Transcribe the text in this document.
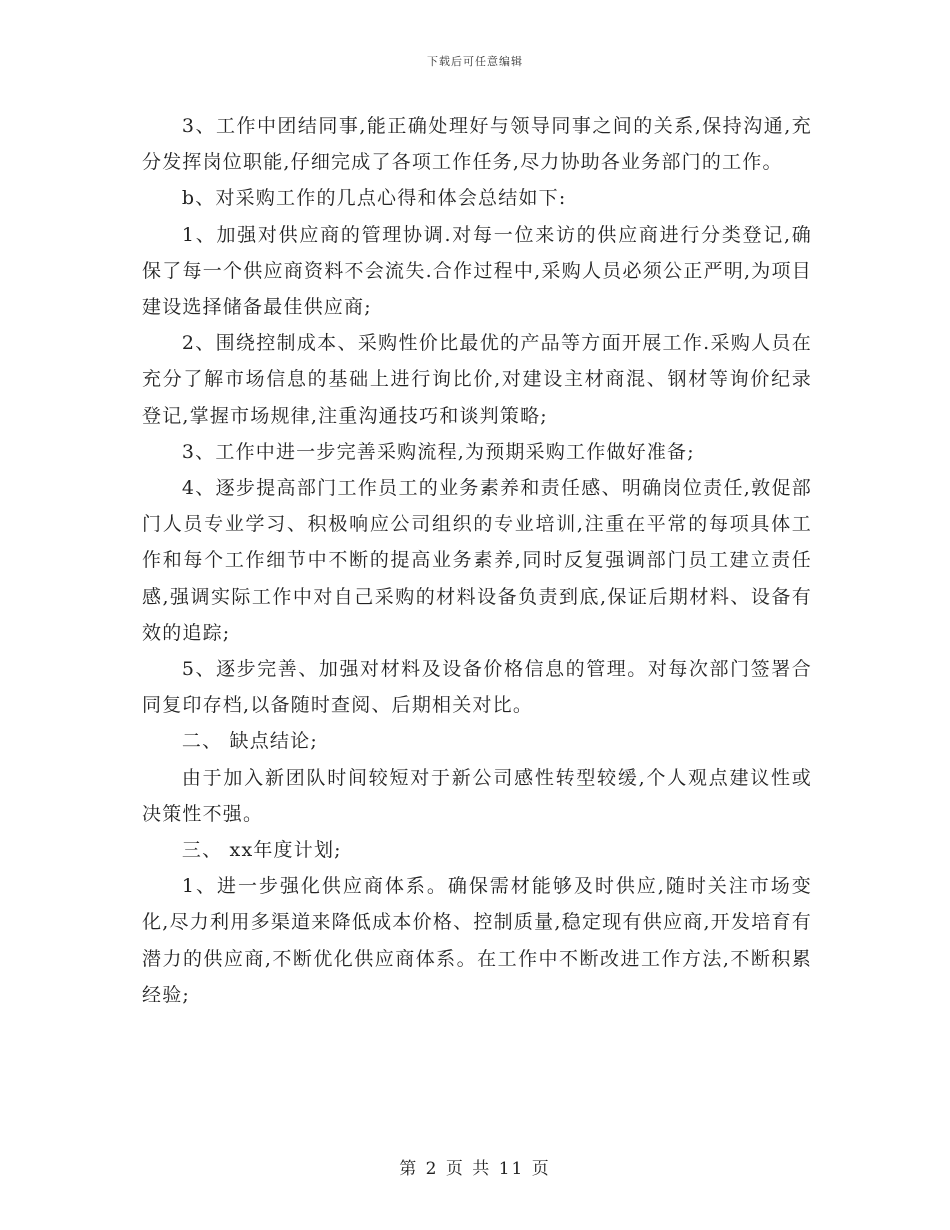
下载后可任意编辑

3、工作中团结同事,能正确处理好与领导同事之间的关系,保持沟通,充分发挥岗位职能,仔细完成了各项工作任务,尽力协助各业务部门的工作。

b、对采购工作的几点心得和体会总结如下:

1、加强对供应商的管理协调.对每一位来访的供应商进行分类登记,确保了每一个供应商资料不会流失.合作过程中,采购人员必须公正严明,为项目建设选择储备最佳供应商;

2、围绕控制成本、采购性价比最优的产品等方面开展工作.采购人员在充分了解市场信息的基础上进行询比价,对建设主材商混、钢材等询价纪录登记,掌握市场规律,注重沟通技巧和谈判策略;

3、工作中进一步完善采购流程,为预期采购工作做好准备;

4、逐步提高部门工作员工的业务素养和责任感、明确岗位责任,敦促部门人员专业学习、积极响应公司组织的专业培训,注重在平常的每项具体工作和每个工作细节中不断的提高业务素养,同时反复强调部门员工建立责任感,强调实际工作中对自己采购的材料设备负责到底,保证后期材料、设备有效的追踪;

5、逐步完善、加强对材料及设备价格信息的管理。对每次部门签署合同复印存档,以备随时查阅、后期相关对比。

二、 缺点结论;

由于加入新团队时间较短对于新公司感性转型较缓,个人观点建议性或决策性不强。

三、 xx年度计划;

1、进一步强化供应商体系。确保需材能够及时供应,随时关注市场变化,尽力利用多渠道来降低成本价格、控制质量,稳定现有供应商,开发培育有潜力的供应商,不断优化供应商体系。在工作中不断改进工作方法,不断积累经验;

第 2 页 共 11 页
